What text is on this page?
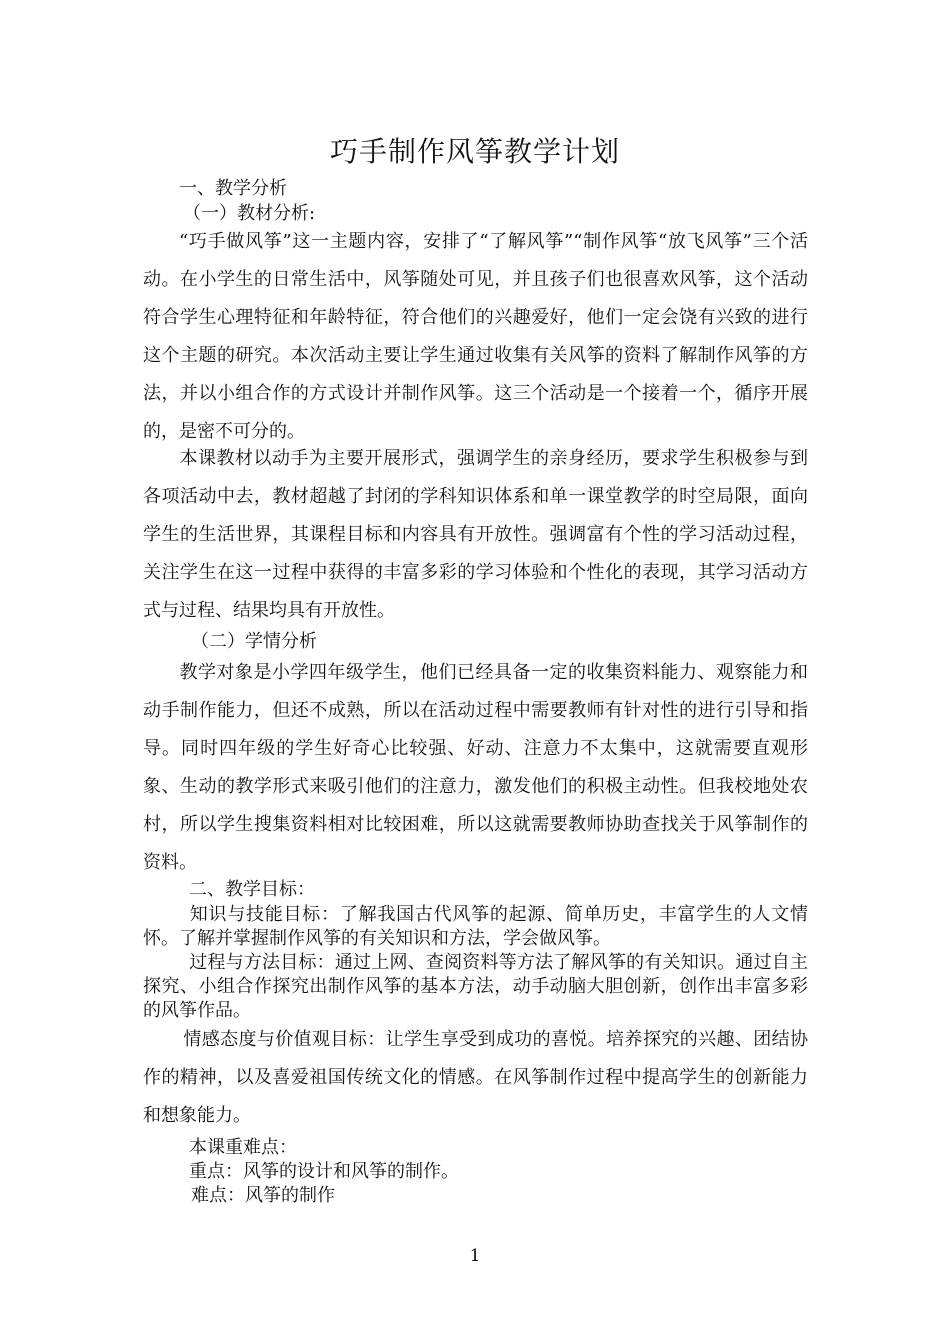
巧手制作风筝教学计划
一、教学分析
（一）教材分析:
“巧手做风筝”这一主题内容，安排了“了解风筝”“制作风筝“放飞风筝”三个活动。在小学生的日常生活中，风筝随处可见，并且孩子们也很喜欢风筝，这个活动符合学生心理特征和年龄特征，符合他们的兴趣爱好，他们一定会饶有兴致的进行这个主题的研究。本次活动主要让学生通过收集有关风筝的资料了解制作风筝的方法，并以小组合作的方式设计并制作风筝。这三个活动是一个接着一个，循序开展的，是密不可分的。
本课教材以动手为主要开展形式，强调学生的亲身经历，要求学生积极参与到各项活动中去，教材超越了封闭的学科知识体系和单一课堂教学的时空局限，面向学生的生活世界，其课程目标和内容具有开放性。强调富有个性的学习活动过程，关注学生在这一过程中获得的丰富多彩的学习体验和个性化的表现，其学习活动方式与过程、结果均具有开放性。
（二）学情分析
教学对象是小学四年级学生，他们已经具备一定的收集资料能力、观察能力和动手制作能力，但还不成熟，所以在活动过程中需要教师有针对性的进行引导和指导。同时四年级的学生好奇心比较强、好动、注意力不太集中，这就需要直观形象、生动的教学形式来吸引他们的注意力，激发他们的积极主动性。但我校地处农村，所以学生搜集资料相对比较困难，所以这就需要教师协助查找关于风筝制作的资料。
二、教学目标：
知识与技能目标：了解我国古代风筝的起源、简单历史，丰富学生的人文情怀。了解并掌握制作风筝的有关知识和方法，学会做风筝。
过程与方法目标：通过上网、查阅资料等方法了解风筝的有关知识。通过自主探究、小组合作探究出制作风筝的基本方法，动手动脑大胆创新，创作出丰富多彩的风筝作品。
情感态度与价值观目标：让学生享受到成功的喜悦。培养探究的兴趣、团结协作的精神，以及喜爱祖国传统文化的情感。在风筝制作过程中提高学生的创新能力和想象能力。
本课重难点：
重点：风筝的设计和风筝的制作。
难点：风筝的制作
1
